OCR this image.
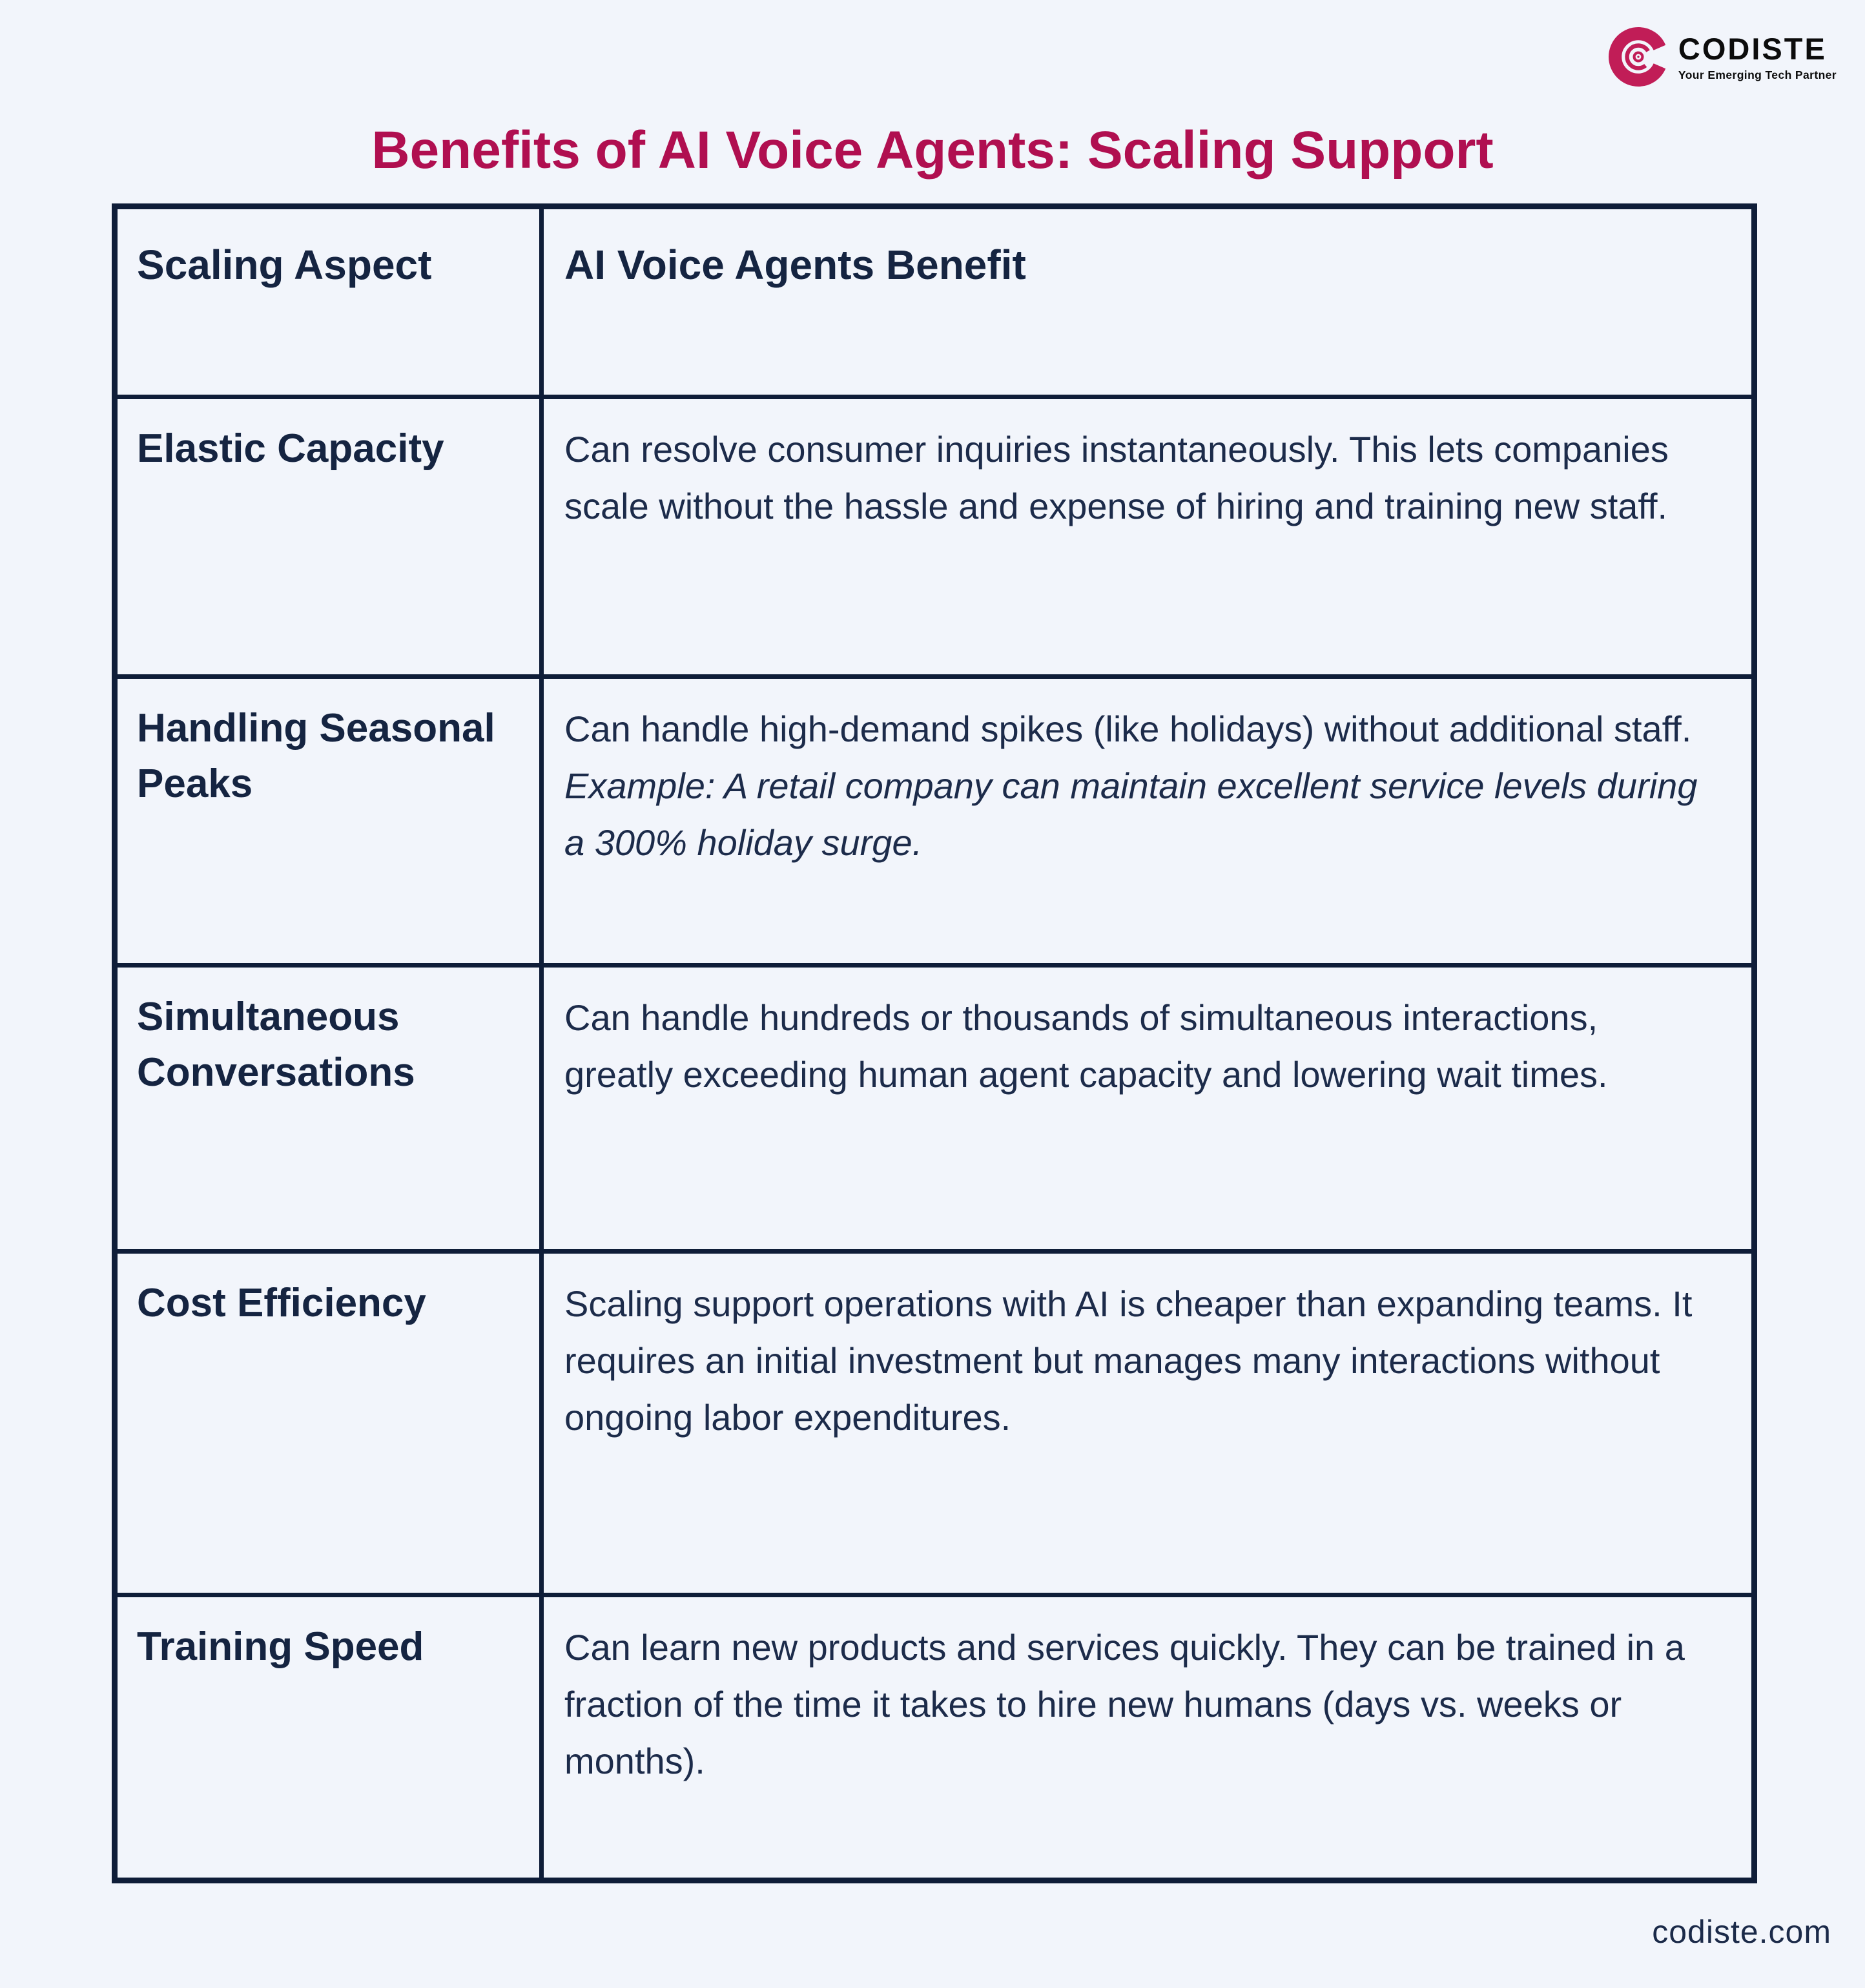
CODISTE
Your Emerging Tech Partner
Benefits of AI Voice Agents: Scaling Support
Scaling Aspect	AI Voice Agents Benefit
Elastic Capacity	Can resolve consumer inquiries instantaneously. This lets companies scale without the hassle and expense of hiring and training new staff.
Handling Seasonal Peaks	Can handle high-demand spikes (like holidays) without additional staff. Example: A retail company can maintain excellent service levels during a 300% holiday surge.
Simultaneous Conversations	Can handle hundreds or thousands of simultaneous interactions, greatly exceeding human agent capacity and lowering wait times.
Cost Efficiency	Scaling support operations with AI is cheaper than expanding teams. It requires an initial investment but manages many interactions without ongoing labor expenditures.
Training Speed	Can learn new products and services quickly. They can be trained in a fraction of the time it takes to hire new humans (days vs. weeks or months).
codiste.com
